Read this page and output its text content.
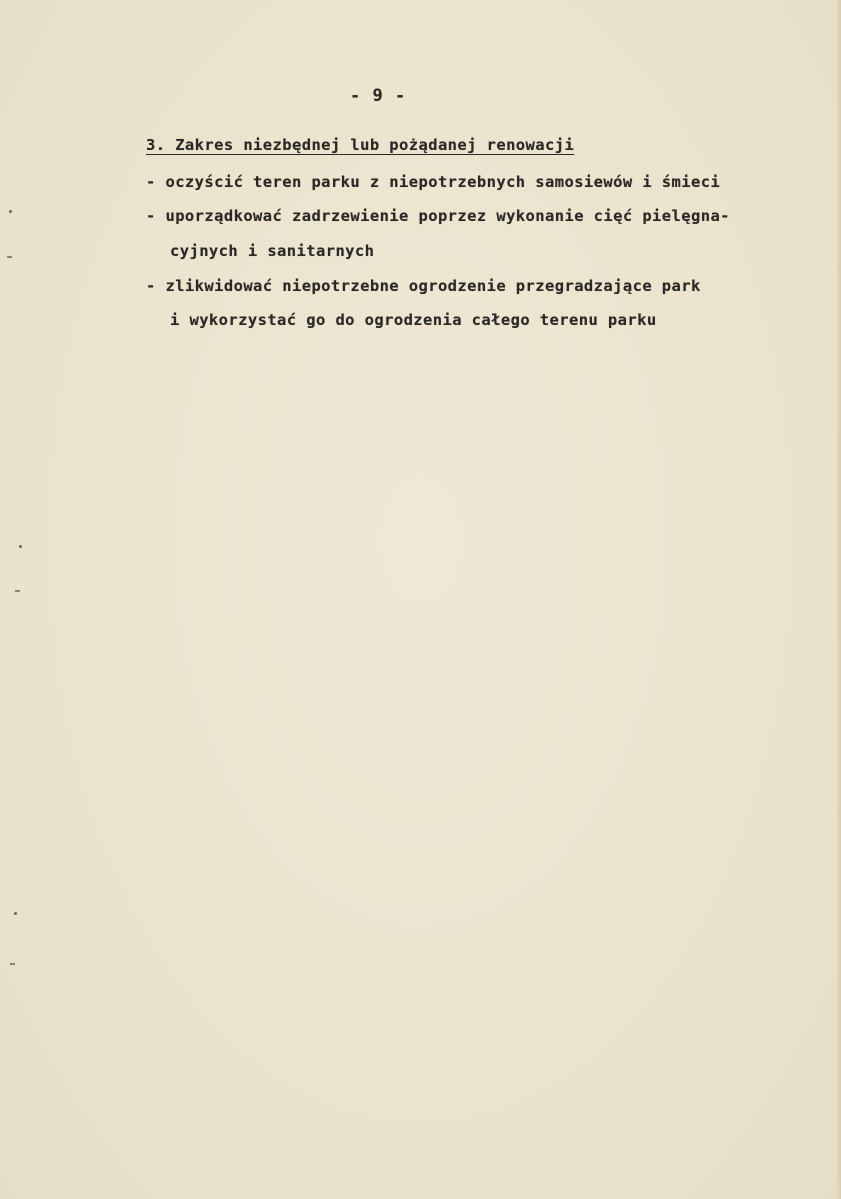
- 9 -
3. Zakres niezbędnej lub pożądanej renowacji
- oczyścić teren parku z niepotrzebnych samosiewów i śmieci
- uporządkować zadrzewienie poprzez wykonanie cięć pielęgna-
cyjnych i sanitarnych
- zlikwidować niepotrzebne ogrodzenie przegradzające park
i wykorzystać go do ogrodzenia całego terenu parku
